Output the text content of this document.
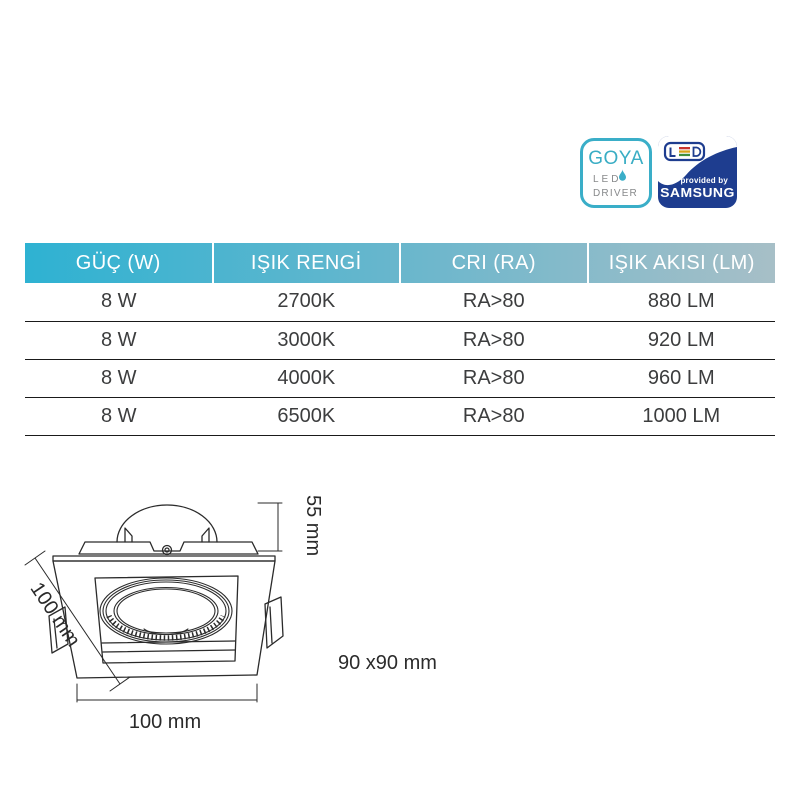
GOYA
LED
DRIVER
provided by
SAMSUNG
GÜÇ (W)	IŞIK RENGİ	CRI (RA)	IŞIK AKISI (LM)
8 W	2700K	RA>80	880 LM
8 W	3000K	RA>80	920 LM
8 W	4000K	RA>80	960 LM
8 W	6500K	RA>80	1000 LM
55 mm
100 mm
100 mm
90 x90 mm
